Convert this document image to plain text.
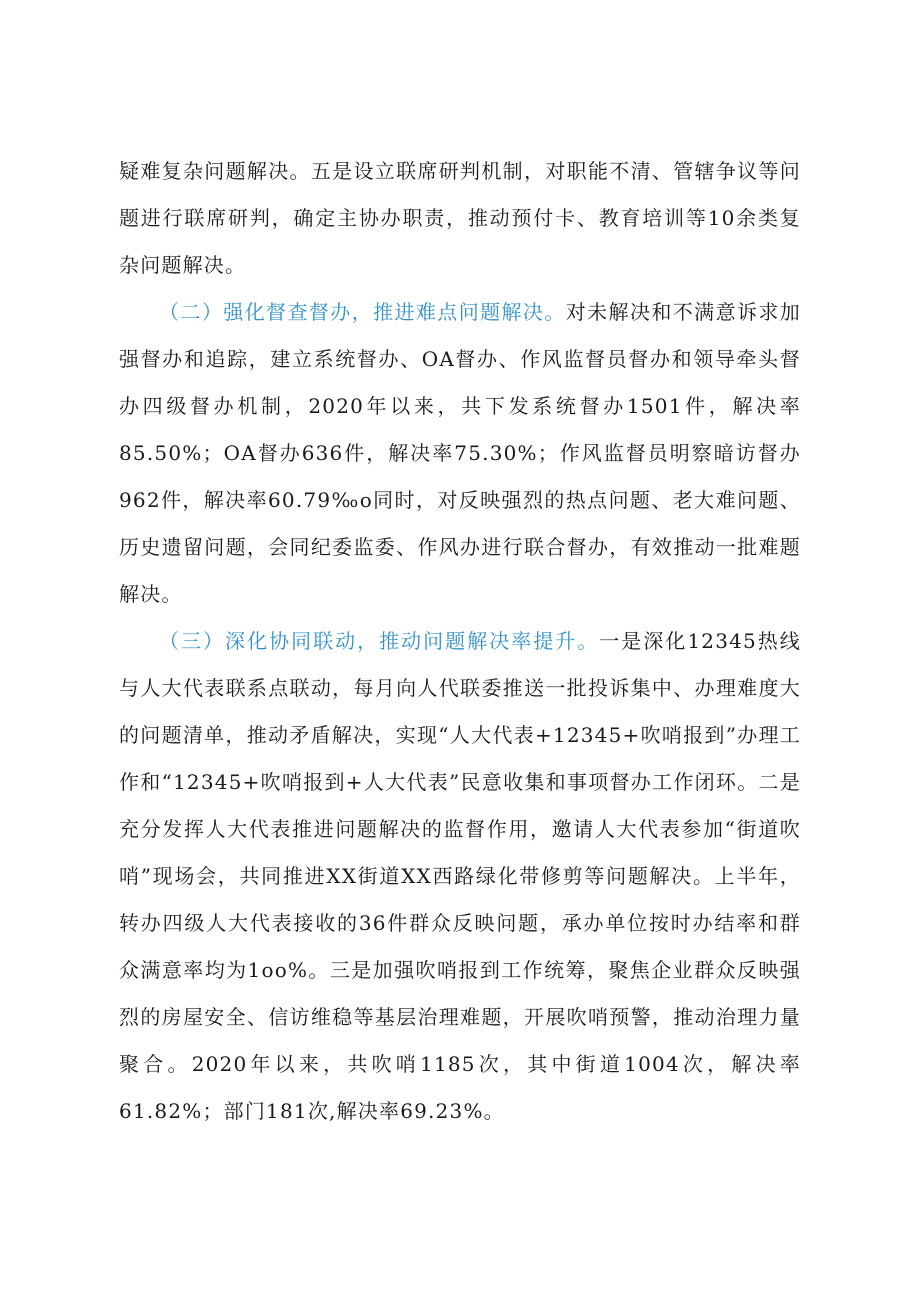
疑难复杂问题解决。五是设立联席研判机制，对职能不清、管辖争议等问题进行联席研判，确定主协办职责，推动预付卡、教育培训等10余类复杂问题解决。

（二）强化督查督办，推进难点问题解决。对未解决和不满意诉求加强督办和追踪，建立系统督办、OA督办、作风监督员督办和领导牵头督办四级督办机制，2020年以来，共下发系统督办1501件，解决率85.50%；OA督办636件，解决率75.30%；作风监督员明察暗访督办962件，解决率60.79‰o同时，对反映强烈的热点问题、老大难问题、历史遗留问题，会同纪委监委、作风办进行联合督办，有效推动一批难题解决。

（三）深化协同联动，推动问题解决率提升。一是深化12345热线与人大代表联系点联动，每月向人代联委推送一批投诉集中、办理难度大的问题清单，推动矛盾解决，实现“人大代表+12345+吹哨报到”办理工作和“12345+吹哨报到+人大代表”民意收集和事项督办工作闭环。二是充分发挥人大代表推进问题解决的监督作用，邀请人大代表参加“街道吹哨”现场会，共同推进XX街道XX西路绿化带修剪等问题解决。上半年，转办四级人大代表接收的36件群众反映问题，承办单位按时办结率和群众满意率均为1oo%。三是加强吹哨报到工作统筹，聚焦企业群众反映强烈的房屋安全、信访维稳等基层治理难题，开展吹哨预警，推动治理力量聚合。2020年以来，共吹哨1185次，其中街道1004次，解决率61.82%；部门181次,解决率69.23%。
